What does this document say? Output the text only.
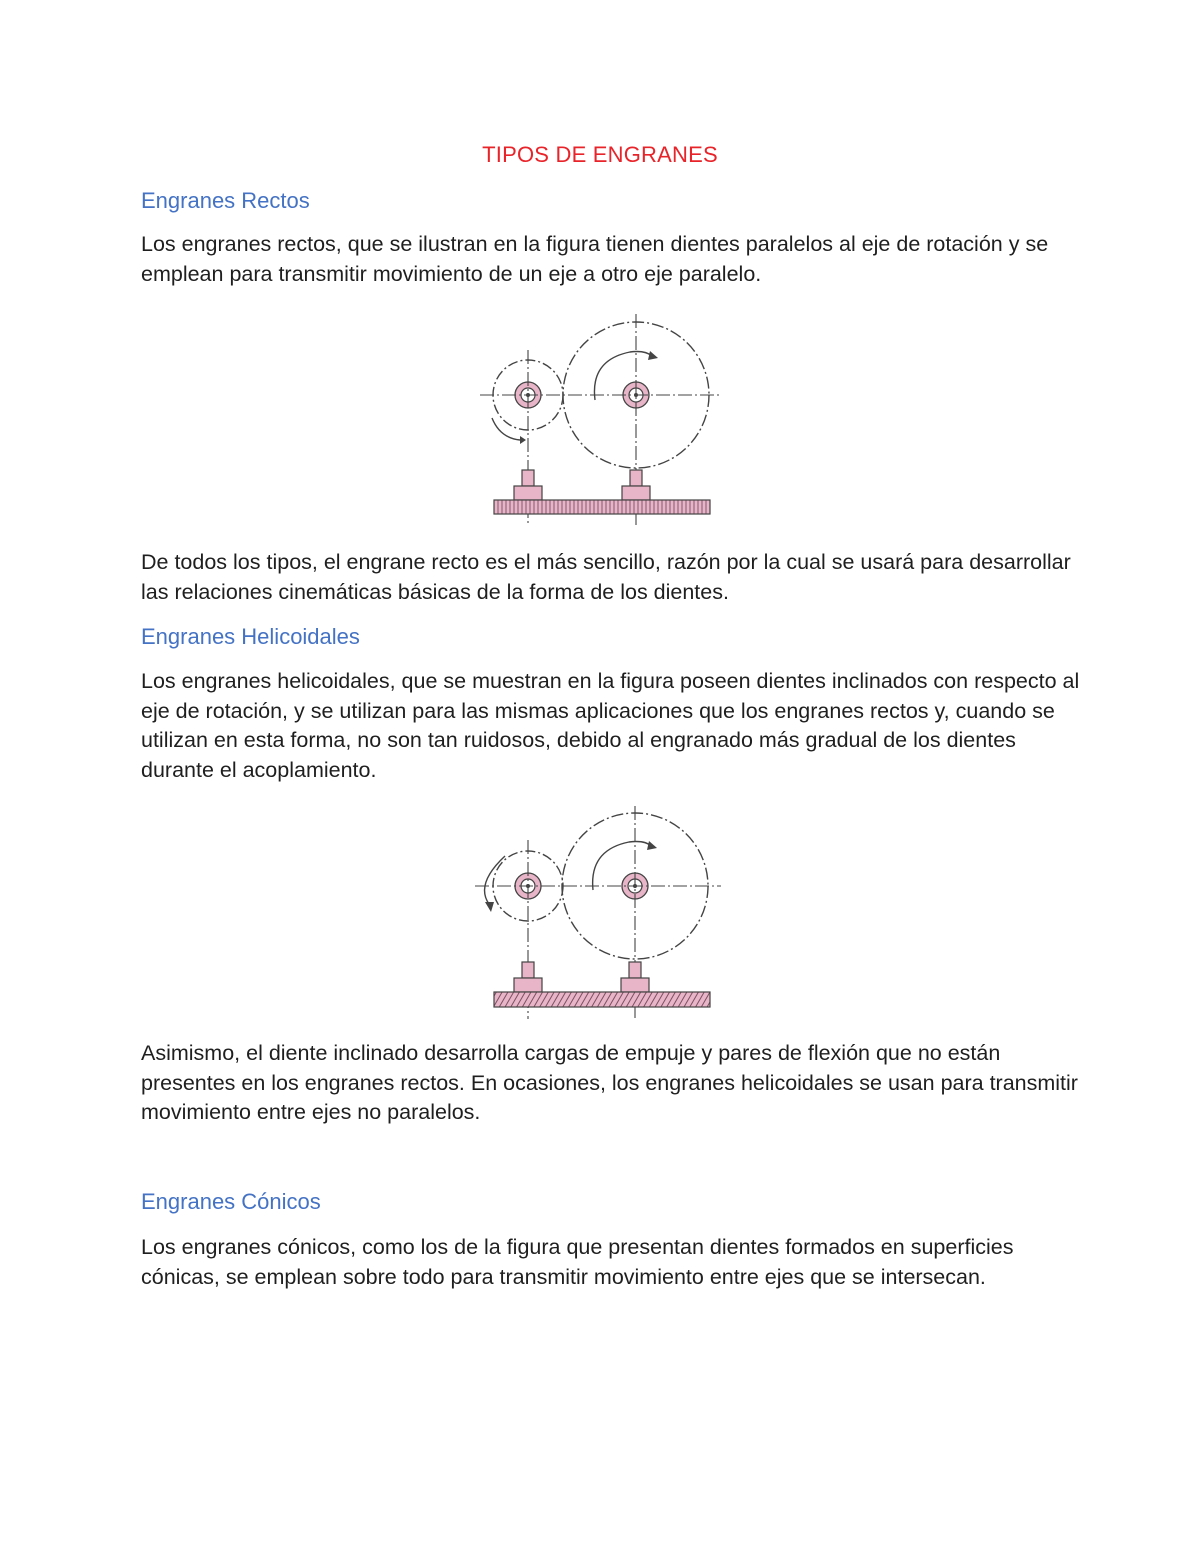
TIPOS DE ENGRANES
Engranes Rectos

Los engranes rectos, que se ilustran en la figura tienen dientes paralelos al eje de rotación y se emplean para transmitir movimiento de un eje a otro eje paralelo.

De todos los tipos, el engrane recto es el más sencillo, razón por la cual se usará para desarrollar las relaciones cinemáticas básicas de la forma de los dientes.

Engranes Helicoidales

Los engranes helicoidales, que se muestran en la figura poseen dientes inclinados con respecto al eje de rotación, y se utilizan para las mismas aplicaciones que los engranes rectos y, cuando se utilizan en esta forma, no son tan ruidosos, debido al engranado más gradual de los dientes durante el acoplamiento.

Asimismo, el diente inclinado desarrolla cargas de empuje y pares de flexión que no están presentes en los engranes rectos. En ocasiones, los engranes helicoidales se usan para transmitir movimiento entre ejes no paralelos.

Engranes Cónicos

Los engranes cónicos, como los de la figura que presentan dientes formados en superficies cónicas, se emplean sobre todo para transmitir movimiento entre ejes que se intersecan.
